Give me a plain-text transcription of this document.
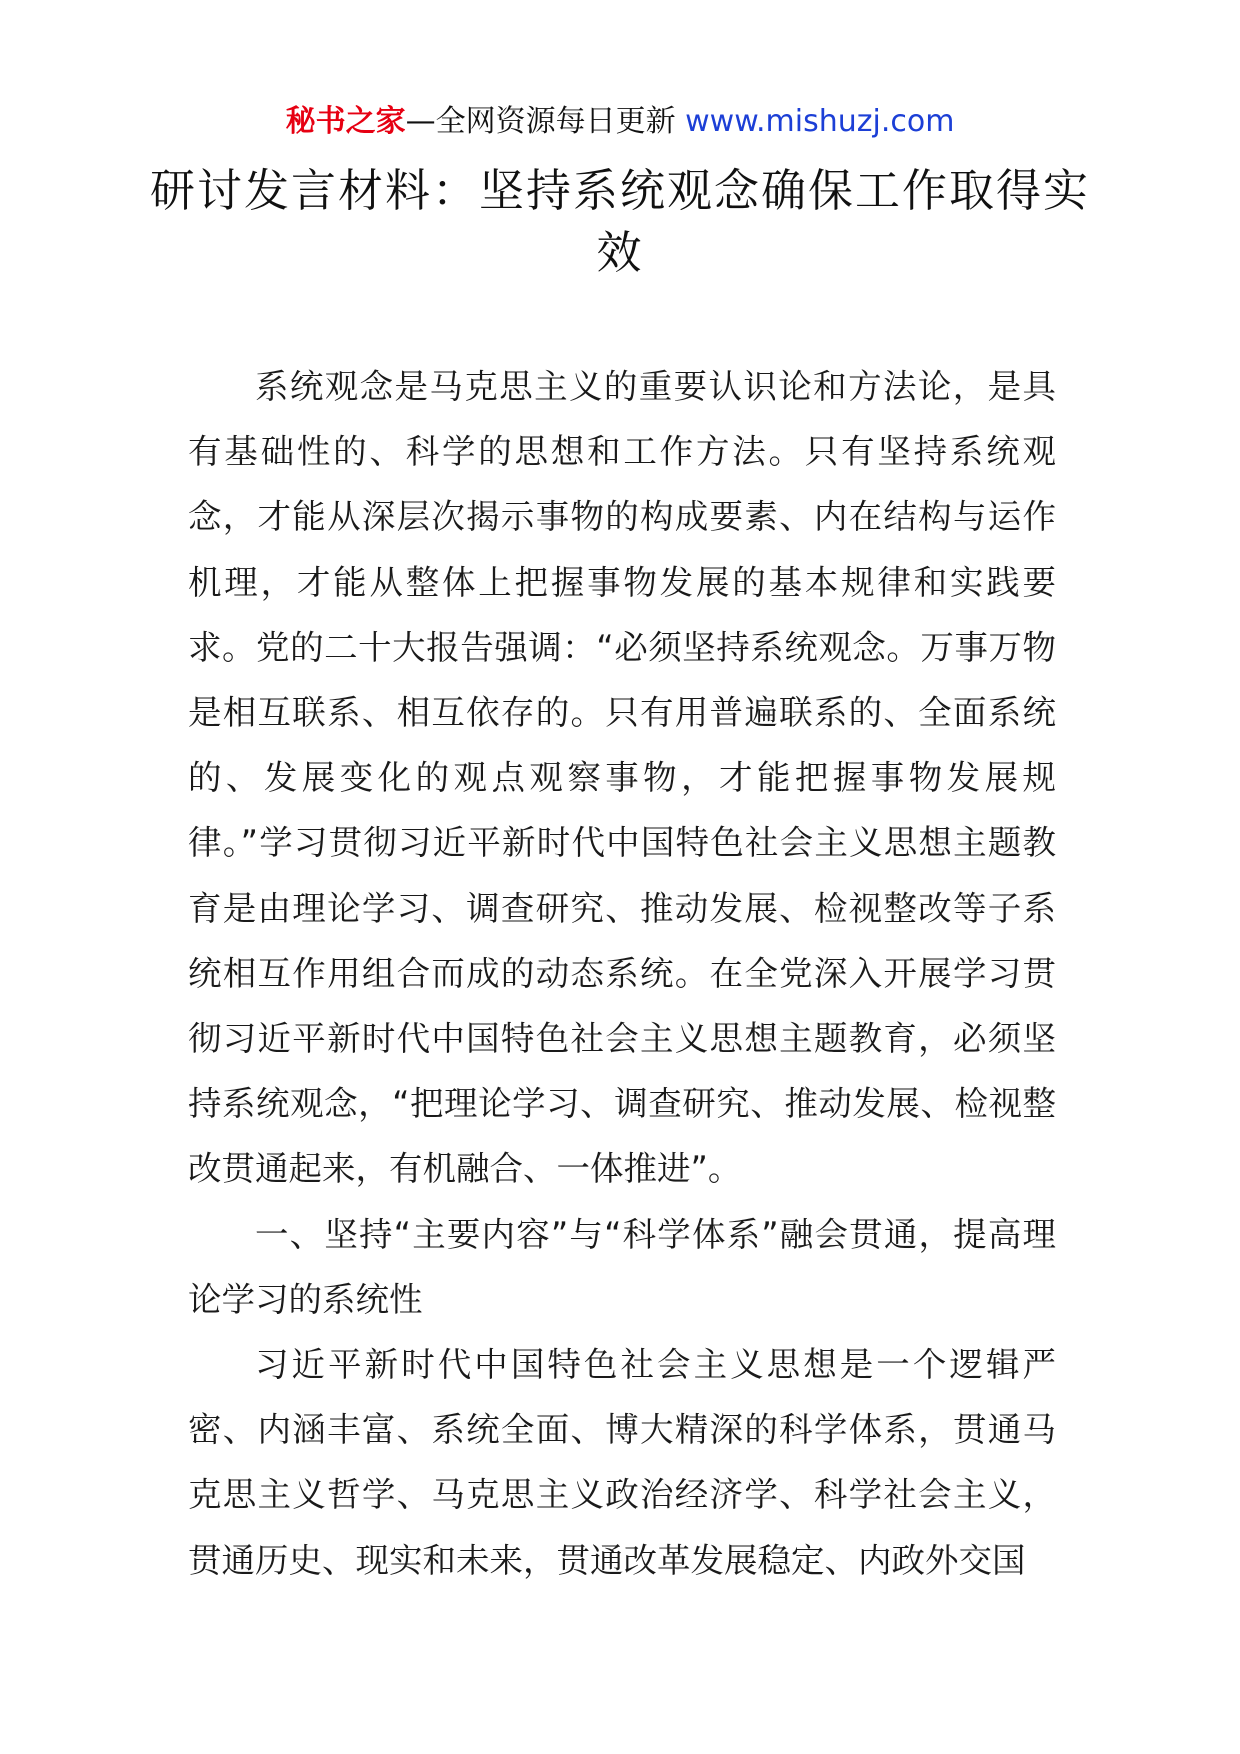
秘书之家—全网资源每日更新 www.mishuzj.com
研讨发言材料：坚持系统观念确保工作取得实效

系统观念是马克思主义的重要认识论和方法论，是具有基础性的、科学的思想和工作方法。只有坚持系统观念，才能从深层次揭示事物的构成要素、内在结构与运作机理，才能从整体上把握事物发展的基本规律和实践要求。党的二十大报告强调：“必须坚持系统观念。万事万物是相互联系、相互依存的。只有用普遍联系的、全面系统的、发展变化的观点观察事物，才能把握事物发展规律。”学习贯彻习近平新时代中国特色社会主义思想主题教育是由理论学习、调查研究、推动发展、检视整改等子系统相互作用组合而成的动态系统。在全党深入开展学习贯彻习近平新时代中国特色社会主义思想主题教育，必须坚持系统观念，“把理论学习、调查研究、推动发展、检视整改贯通起来，有机融合、一体推进”。

一、坚持“主要内容”与“科学体系”融会贯通，提高理论学习的系统性

习近平新时代中国特色社会主义思想是一个逻辑严密、内涵丰富、系统全面、博大精深的科学体系，贯通马克思主义哲学、马克思主义政治经济学、科学社会主义，贯通历史、现实和未来，贯通改革发展稳定、内政外交国
